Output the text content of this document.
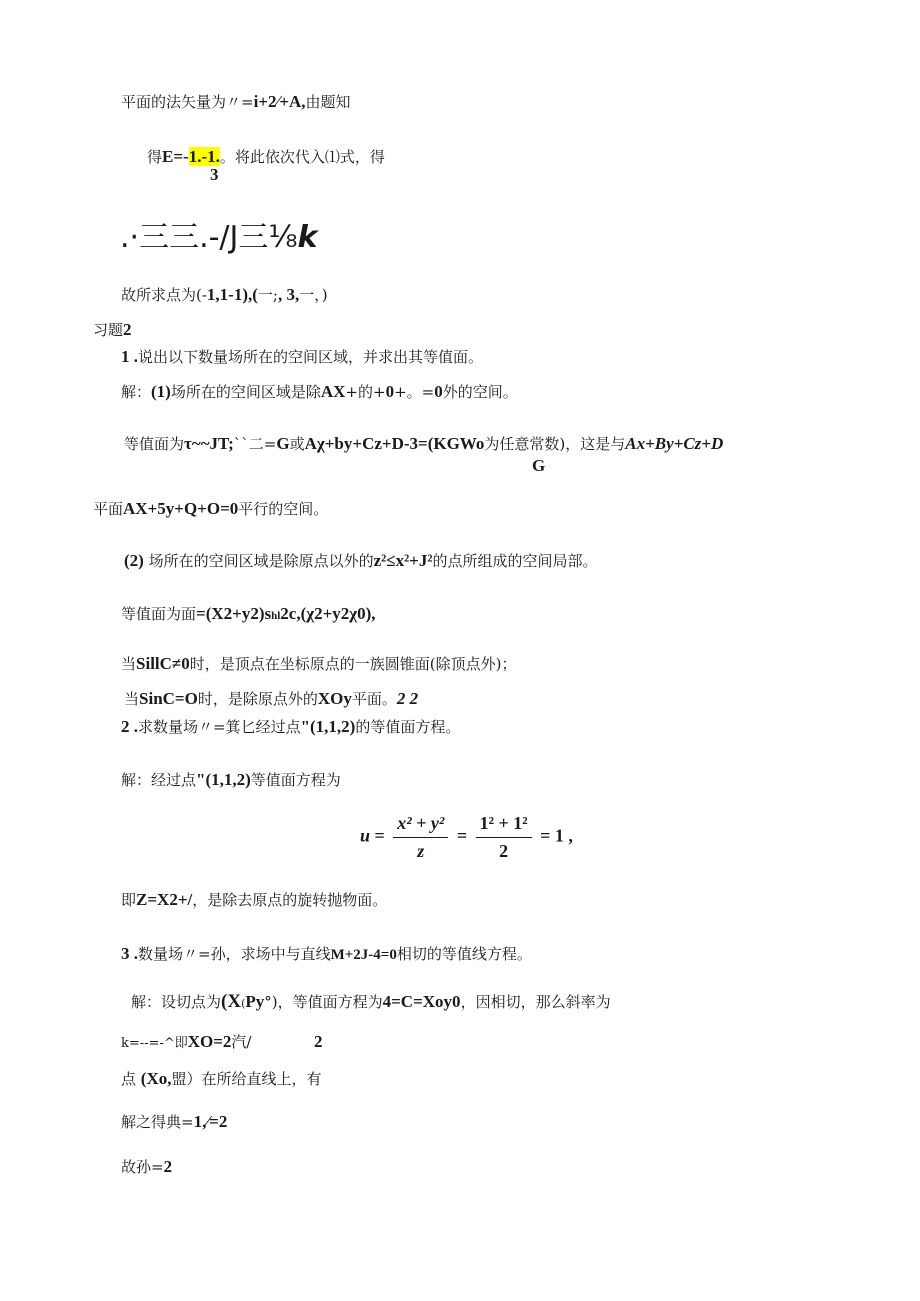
平面的法矢量为〃=i+2∕+A,由题知
得E=-1.-1.。将此依次代入⑴式，得
3
.·三三.-/J三⅛k
故所求点为(-1,1-1),(一;, 3,一，)
习题2
1 .说出以下数量场所在的空间区域，并求出其等值面。
解：(1)场所在的空间区域是除AX+的+0+。=0外的空间。
等值面为τ~~JT;``二=G或Aχ+by+Cz+D-3=(KGWo为任意常数)，这是与Ax+By+Cz+D
G
平面AX+5y+Q+O=0平行的空间。
(2) 场所在的空间区域是除原点以外的z²≤x²+J²的点所组成的空间局部。
等值面为面=(X2+y2)shl2c,(χ2+y2χ0),
当SillC≠0时，是顶点在坐标原点的一族圆锥面(除顶点外)；
当SinC=O时，是除原点外的XOy平面。2 2
2 .求数量场〃=箕匕经过点"(1,1,2)的等值面方程。
解：经过点"(1,1,2)等值面方程为
$u = \frac{\text{x² + y²}}{z} = \frac{\text{1² + 1²}}{2} = 1$ ,
即Z=X2+/，是除去原点的旋转抛物面。
3 .数量场〃=孙，求场中与直线M+2J-4=0相切的等值线方程。
解：设切点为(X(Py°)，等值面方程为4=C=Xoy0，因相切，那么斜率为
k=--=-^即XO=2汽/	2
点 (Xo,盟）在所给直线上，有
解之得典=1,⁄=2
故孙=2
